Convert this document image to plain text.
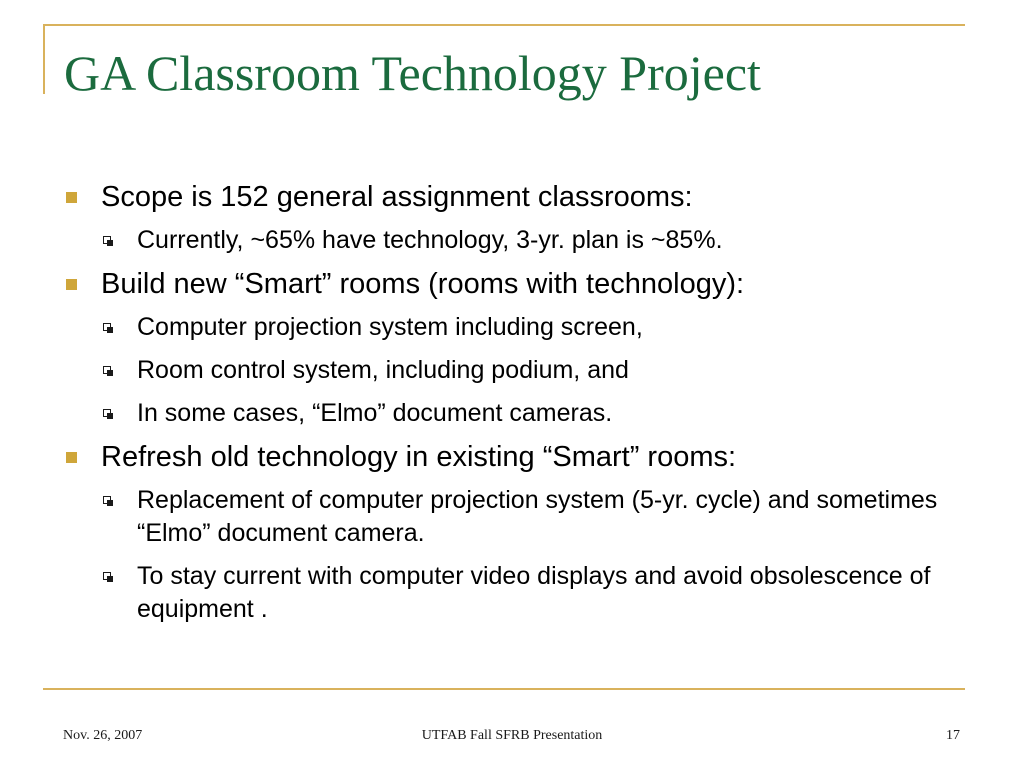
GA Classroom Technology Project
Scope is 152 general assignment classrooms:
Currently, ~65% have technology, 3-yr. plan is ~85%.
Build new “Smart” rooms (rooms with technology):
Computer projection system including screen,
Room control system, including podium, and
In some cases, “Elmo” document cameras.
Refresh old technology in existing “Smart” rooms:
Replacement of computer projection system (5-yr. cycle) and sometimes “Elmo” document camera.
To stay current with computer video displays and avoid obsolescence of equipment .
Nov. 26, 2007	UTFAB Fall SFRB Presentation	17
